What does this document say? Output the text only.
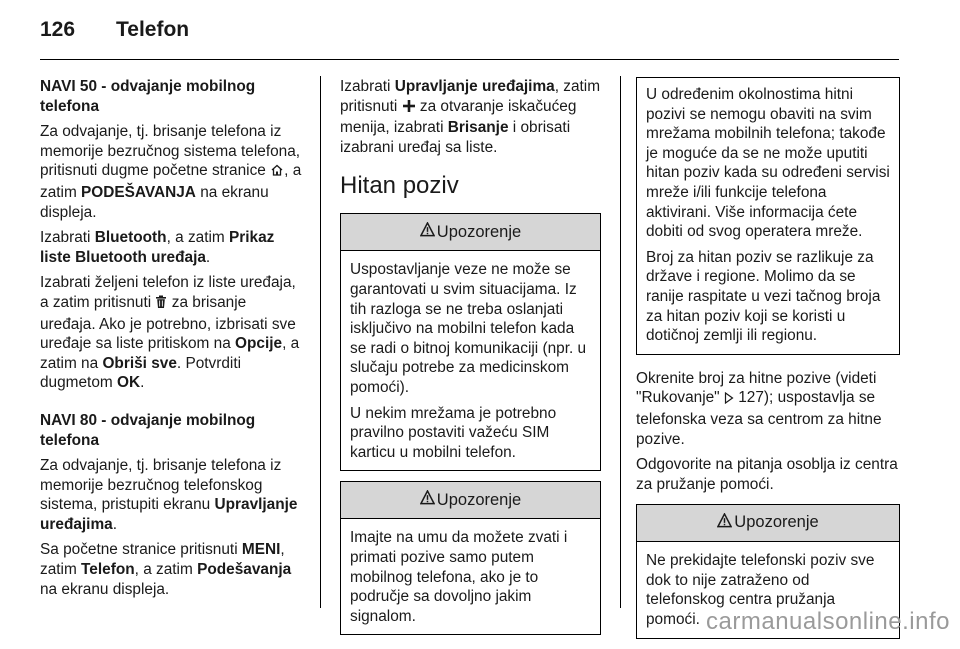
126	Telefon

NAVI 50 - odvajanje mobilnog telefona

Za odvajanje, tj. brisanje telefona iz memorije bezručnog sistema telefona, pritisnuti dugme početne stranice , a zatim PODEŠAVANJA na ekranu displeja.

Izabrati Bluetooth, a zatim Prikaz liste Bluetooth uređaja.

Izabrati željeni telefon iz liste uređaja, a zatim pritisnuti  za brisanje uređaja. Ako je potrebno, izbrisati sve uređaje sa liste pritiskom na Opcije, a zatim na Obriši sve. Potvrditi dugmetom OK.

NAVI 80 - odvajanje mobilnog telefona

Za odvajanje, tj. brisanje telefona iz memorije bezručnog telefonskog sistema, pristupiti ekranu Upravljanje uređajima.

Sa početne stranice pritisnuti MENI, zatim Telefon, a zatim Podešavanja na ekranu displeja.

Izabrati Upravljanje uređajima, zatim pritisnuti  za otvaranje iskačućeg menija, izabrati Brisanje i obrisati izabrani uređaj sa liste.

Hitan poziv
Upozorenje

Uspostavljanje veze ne može se garantovati u svim situacijama. Iz tih razloga se ne treba oslanjati isključivo na mobilni telefon kada se radi o bitnoj komunikaciji (npr. u slučaju potrebe za medicinskom pomoći).

U nekim mrežama je potrebno pravilno postaviti važeću SIM karticu u mobilni telefon.

Upozorenje

Imajte na umu da možete zvati i primati pozive samo putem mobilnog telefona, ako je to područje sa dovoljno jakim signalom.

U određenim okolnostima hitni pozivi se nemogu obaviti na svim mrežama mobilnih telefona; takođe je moguće da se ne može uputiti hitan poziv kada su određeni servisi mreže i/ili funkcije telefona aktivirani. Više informacija ćete dobiti od svog operatera mreže.

Broj za hitan poziv se razlikuje za države i regione. Molimo da se ranije raspitate u vezi tačnog broja za hitan poziv koji se koristi u dotičnoj zemlji ili regionu.

Okrenite broj za hitne pozive (videti "Rukovanje"  127); uspostavlja se telefonska veza sa centrom za hitne pozive.

Odgovorite na pitanja osoblja iz centra za pružanje pomoći.

Upozorenje

Ne prekidajte telefonski poziv sve dok to nije zatraženo od telefonskog centra pružanja pomoći. carmanualsonline.info
